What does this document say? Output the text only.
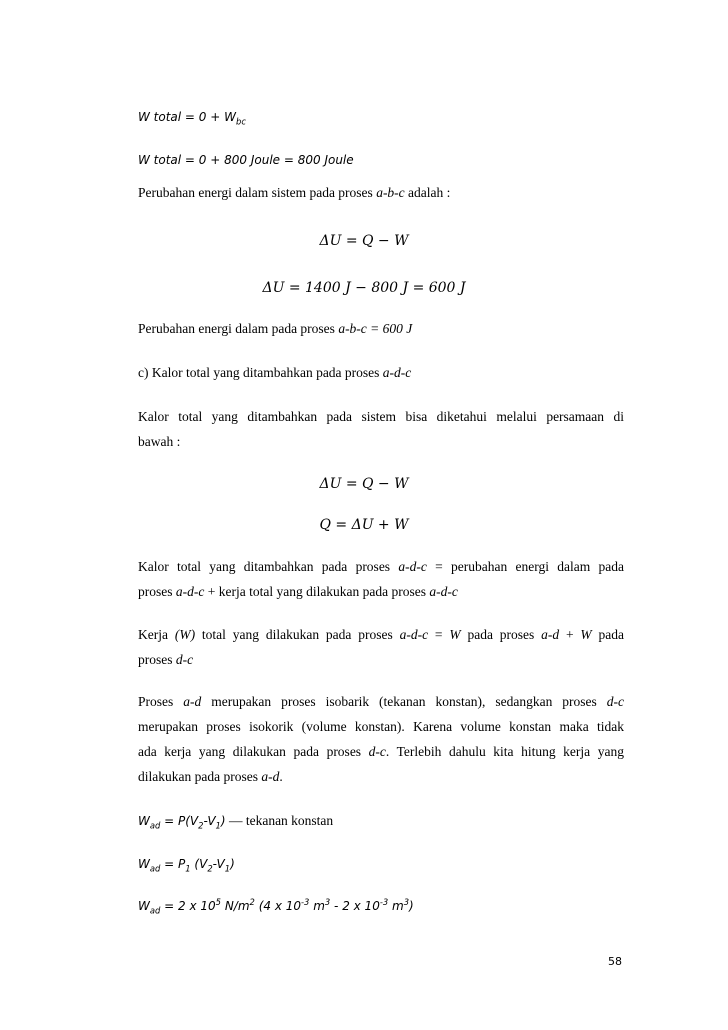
W total = $0 + W_{bc}$
W total = 0 + 800 Joule = 800 Joule
Perubahan energi dalam sistem pada proses a-b-c adalah :
ΔU = Q − W
ΔU = 1400 J − 800 J = 600 J
Perubahan energi dalam pada proses a-b-c = 600 J
c) Kalor total yang ditambahkan pada proses a-d-c
Kalor total yang ditambahkan pada sistem bisa diketahui melalui persamaan di
bawah :
ΔU = Q − W
Q = ΔU + W
Kalor total yang ditambahkan pada proses a-d-c = perubahan energi dalam pada
proses a-d-c + kerja total yang dilakukan pada proses a-d-c
Kerja (W) total yang dilakukan pada proses a-d-c = W pada proses a-d + W pada
proses d-c
Proses a-d merupakan proses isobarik (tekanan konstan), sedangkan proses d-c
merupakan proses isokorik (volume konstan). Karena volume konstan maka tidak
ada kerja yang dilakukan pada proses d-c. Terlebih dahulu kita hitung kerja yang
dilakukan pada proses a-d.
$W_{ad} = P(V_2-V_1)$ — tekanan konstan
$W_{ad} = P_1$ $(V_2-V_1)$
$W_{ad} = 2$ x $10^5$ $N/m^2$ (4 x $10^{-3}$ $m^3 - 2$ x $10^{-3}$ $m^3$)
58
